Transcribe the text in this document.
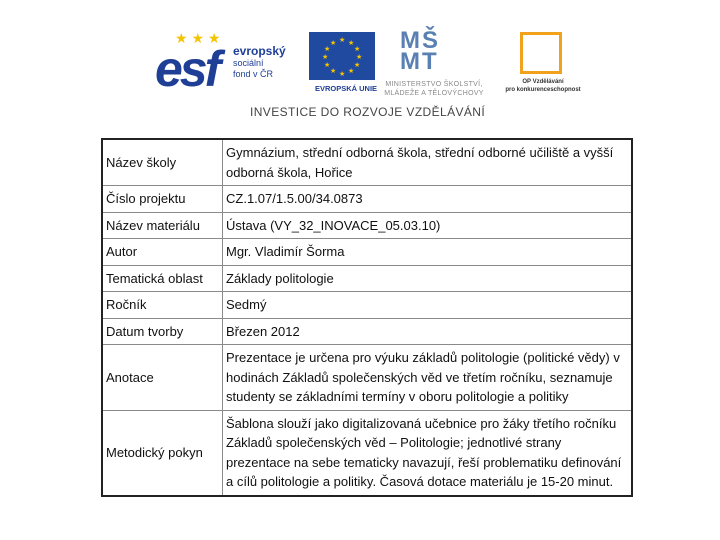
★ ★ ★
esf evropský
sociální
fond v ČR
★ ★
★
★
★
★
★
★
★
★
★
★
EVROPSKÁ UNIE
MŠ
MT
MINISTERSTVO ŠKOLSTVÍ,
MLÁDEŽE A TĚLOVÝCHOVY
OP Vzdělávání
pro konkurenceschopnost
INVESTICE DO ROZVOJE VZDĚLÁVÁNÍ
Název školy	Gymnázium, střední odborná škola, střední odborné učiliště a vyšší odborná škola, Hořice
Číslo projektu	CZ.1.07/1.5.00/34.0873
Název materiálu	Ústava (VY_32_INOVACE_05.03.10)
Autor	Mgr. Vladimír Šorma
Tematická oblast	Základy politologie
Ročník	Sedmý
Datum tvorby	Březen 2012
Anotace	Prezentace je určena pro výuku základů politologie (politické vědy) v hodinách Základů společenských věd ve třetím ročníku, seznamuje studenty se základními termíny v oboru politologie a politiky
Metodický pokyn	Šablona slouží jako digitalizovaná učebnice pro žáky třetího ročníku Základů společenských věd – Politologie; jednotlivé strany prezentace na sebe tematicky navazují, řeší problematiku definování a cílů politologie a politiky. Časová dotace materiálu je 15-20 minut.
